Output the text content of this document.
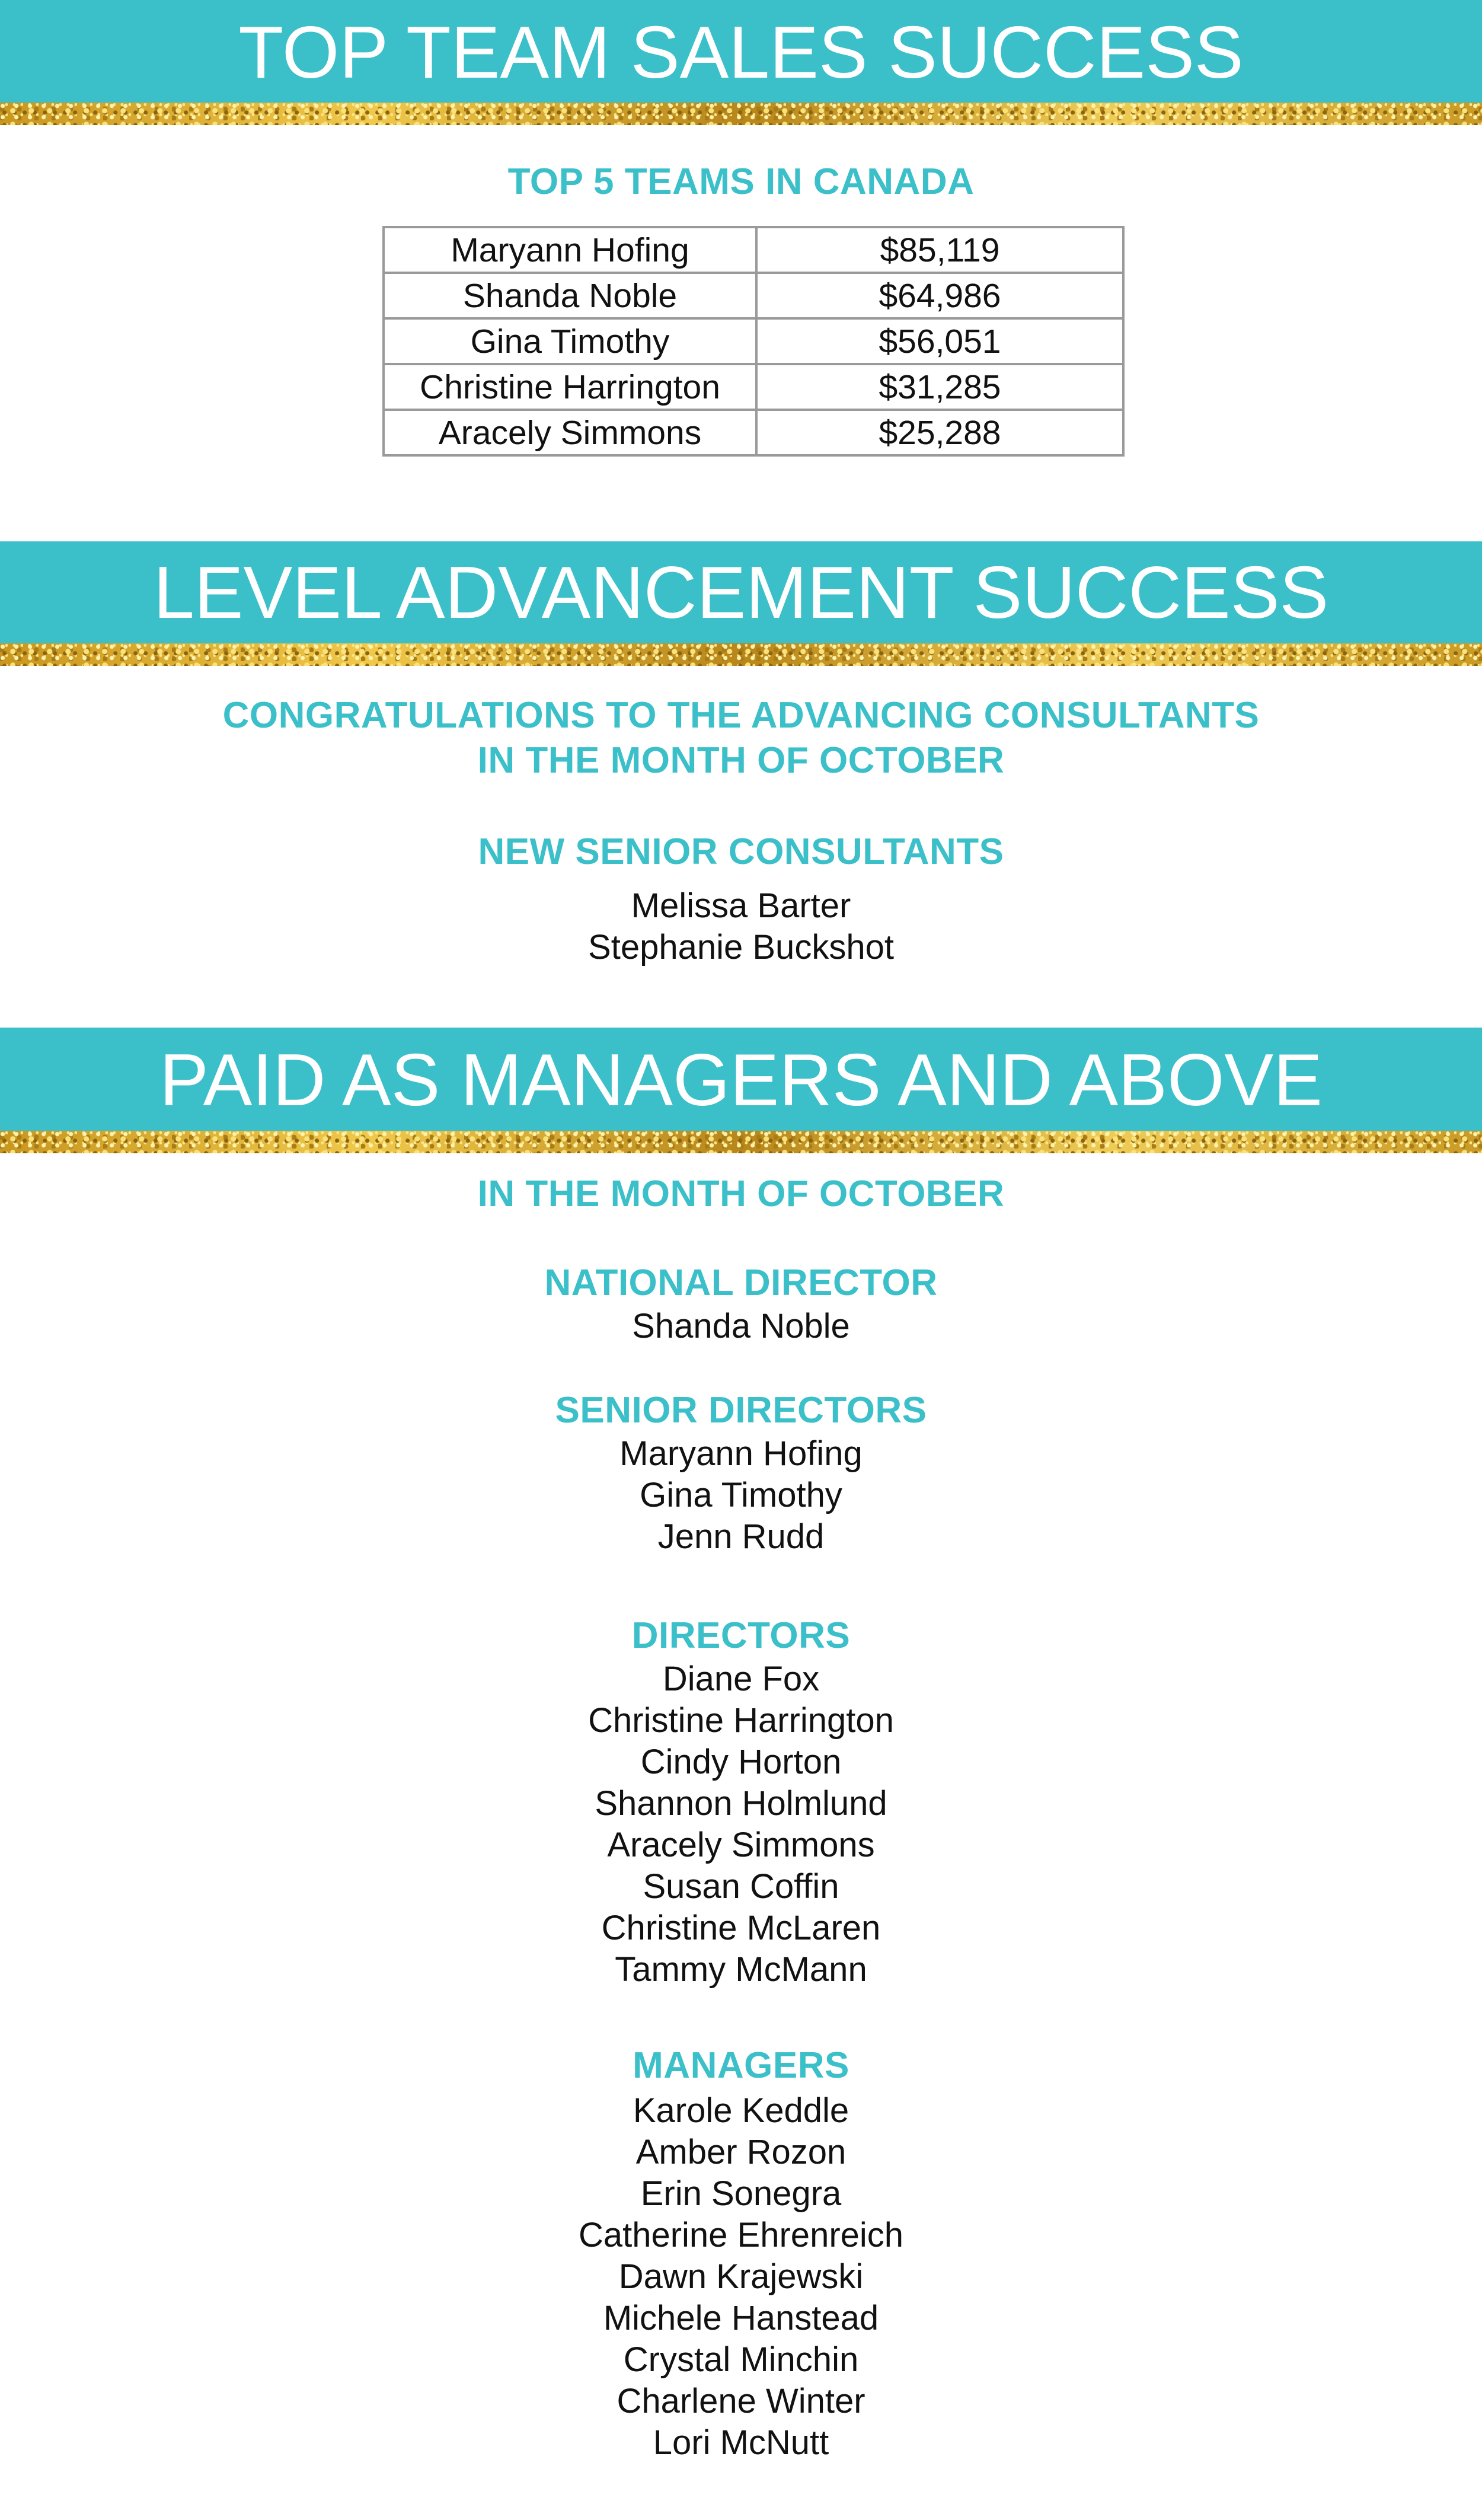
TOP TEAM SALES SUCCESS
TOP 5 TEAMS IN CANADA
Maryann Hofing	$85,119
Shanda Noble	$64,986
Gina Timothy	$56,051
Christine Harrington	$31,285
Aracely Simmons	$25,288
LEVEL ADVANCEMENT SUCCESS
CONGRATULATIONS TO THE ADVANCING CONSULTANTS
IN THE MONTH OF OCTOBER
NEW SENIOR CONSULTANTS
Melissa Barter
Stephanie Buckshot
PAID AS MANAGERS AND ABOVE
IN THE MONTH OF OCTOBER
NATIONAL DIRECTOR
Shanda Noble
SENIOR DIRECTORS
Maryann Hofing
Gina Timothy
Jenn Rudd
DIRECTORS
Diane Fox
Christine Harrington
Cindy Horton
Shannon Holmlund
Aracely Simmons
Susan Coffin
Christine McLaren
Tammy McMann
MANAGERS
Karole Keddle
Amber Rozon
Erin Sonegra
Catherine Ehrenreich
Dawn Krajewski
Michele Hanstead
Crystal Minchin
Charlene Winter
Lori McNutt
